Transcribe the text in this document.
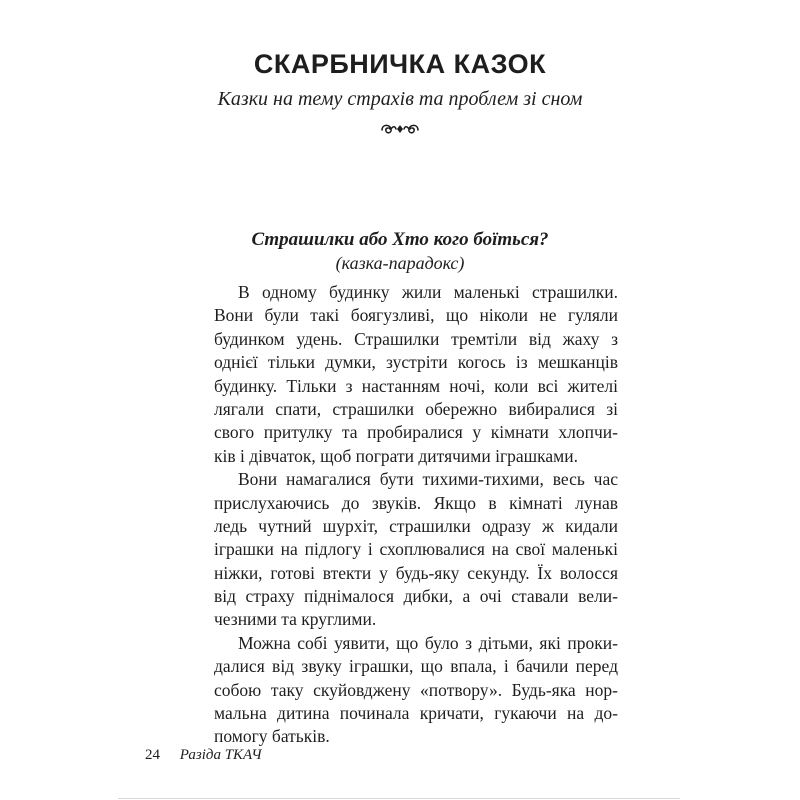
СКАРБНИЧКА КАЗОК
Казки на тему страхів та проблем зі сном
Страшилки або Хто кого боїться?
(казка-парадокс)
В одному будинку жили маленькі страшилки.
Вони були такі боягузливі, що ніколи не гуляли
будинком удень. Страшилки тремтіли від жаху з
однієї тільки думки, зустріти когось із мешканців
будинку. Тільки з настанням ночі, коли всі жителі
лягали спати, страшилки обережно вибиралися зі
свого притулку та пробиралися у кімнати хлопчи-
ків і дівчаток, щоб пограти дитячими іграшками.
Вони намагалися бути тихими-тихими, весь час
прислухаючись до звуків. Якщо в кімнаті лунав
ледь чутний шурхіт, страшилки одразу ж кидали
іграшки на підлогу і схоплювалися на свої маленькі
ніжки, готові втекти у будь-яку секунду. Їх волосся
від страху піднімалося дибки, а очі ставали вели-
чезними та круглими.
Можна собі уявити, що було з дітьми, які проки-
далися від звуку іграшки, що впала, і бачили перед
собою таку скуйовджену «потвору». Будь-яка нор-
мальна дитина починала кричати, гукаючи на до-
помогу батьків.
24 Разіда ТКАЧ
